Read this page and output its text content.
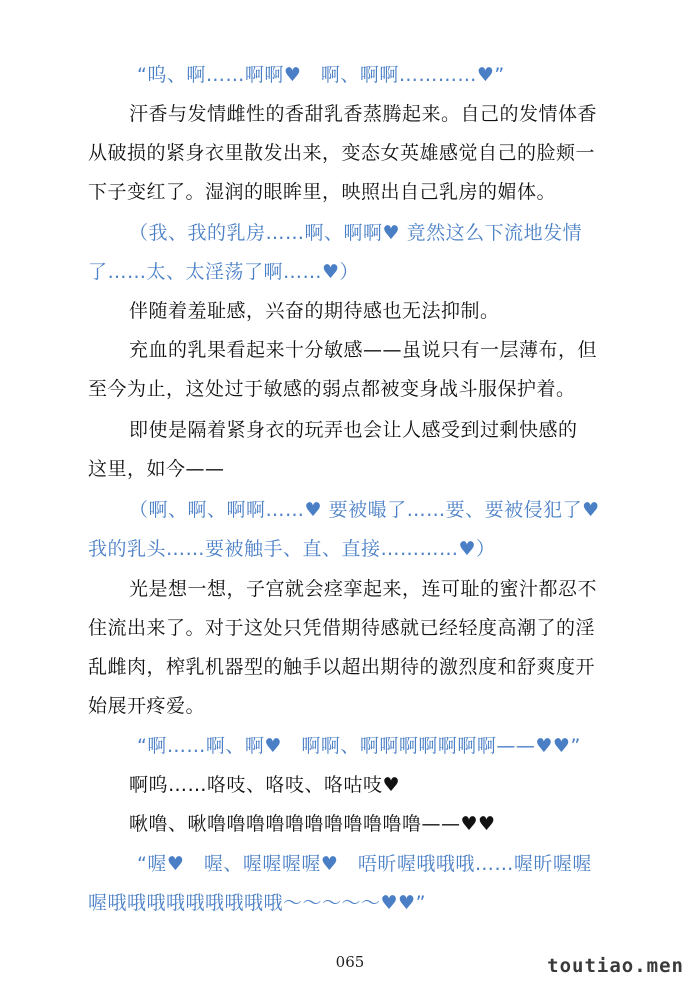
“呜、啊……啊啊♥　啊、啊啊…………♥”

汗香与发情雌性的香甜乳香蒸腾起来。自己的发情体香

从破损的紧身衣里散发出来，变态女英雄感觉自己的脸颊一

下子变红了。湿润的眼眸里，映照出自己乳房的媚体。

（我、我的乳房……啊、啊啊♥ 竟然这么下流地发情

了……太、太淫荡了啊……♥）

伴随着羞耻感，兴奋的期待感也无法抑制。

充血的乳果看起来十分敏感——虽说只有一层薄布，但

至今为止，这处过于敏感的弱点都被变身战斗服保护着。

即使是隔着紧身衣的玩弄也会让人感受到过剩快感的

这里，如今——

（啊、啊、啊啊……♥ 要被嘬了……要、要被侵犯了♥

我的乳头……要被触手、直、直接…………♥）

光是想一想，子宫就会痉挛起来，连可耻的蜜汁都忍不

住流出来了。对于这处只凭借期待感就已经轻度高潮了的淫

乱雌肉，榨乳机器型的触手以超出期待的激烈度和舒爽度开

始展开疼爱。

“啊……啊、啊♥　啊啊、啊啊啊啊啊啊啊——♥♥”

啊呜……咯吱、咯吱、咯咕吱♥

啾噜、啾噜噜噜噜噜噜噜噜噜噜噜——♥♥

“喔♥　喔、喔喔喔喔♥　唔昕喔哦哦哦……喔昕喔喔

喔哦哦哦哦哦哦哦哦哦～～～～～♥♥”

065	toutiao.men
